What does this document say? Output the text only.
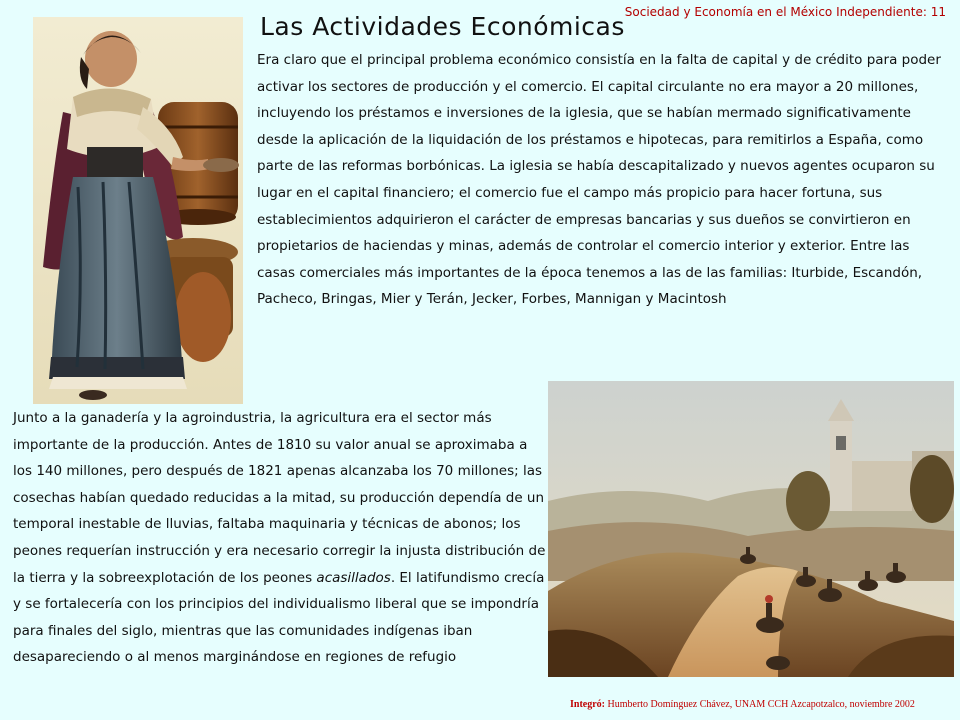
Sociedad y Economía en el México Independiente: 11
Las Actividades Económicas

Era claro que el principal problema económico consistía en la falta de capital y de crédito para poder activar los sectores de producción y el comercio. El capital circulante no era mayor a 20 millones, incluyendo los préstamos e inversiones de la iglesia, que se habían mermado significativamente desde la aplicación de la liquidación de los préstamos e hipotecas, para remitirlos a España, como parte de las reformas borbónicas. La iglesia se había descapitalizado y nuevos agentes ocuparon su lugar en el capital financiero; el comercio fue el campo más propicio para hacer fortuna, sus establecimientos adquirieron el carácter de empresas bancarias y sus dueños se convirtieron en propietarios de haciendas y minas, además de controlar el comercio interior y exterior. Entre las casas comerciales más importantes de la época tenemos a las de las familias: Iturbide, Escandón, Pacheco, Bringas, Mier y Terán, Jecker, Forbes, Mannigan y Macintosh

Junto a la ganadería y la agroindustria, la agricultura era el sector más importante de la producción. Antes de 1810 su valor anual se aproximaba a los 140 millones, pero después de 1821 apenas alcanzaba los 70 millones; las cosechas habían quedado reducidas a la mitad, su producción dependía de un temporal inestable de lluvias, faltaba maquinaria y técnicas de abonos; los peones requerían instrucción y era necesario corregir la injusta distribución de la tierra y la sobreexplotación de los peones acasillados. El latifundismo crecía y se fortalecería con los principios del individualismo liberal que se impondría para finales del siglo, mientras que las comunidades indígenas iban desapareciendo o al menos marginándose en regiones de refugio

Integró: Humberto Domínguez Chávez, UNAM CCH Azcapotzalco, noviembre 2002
